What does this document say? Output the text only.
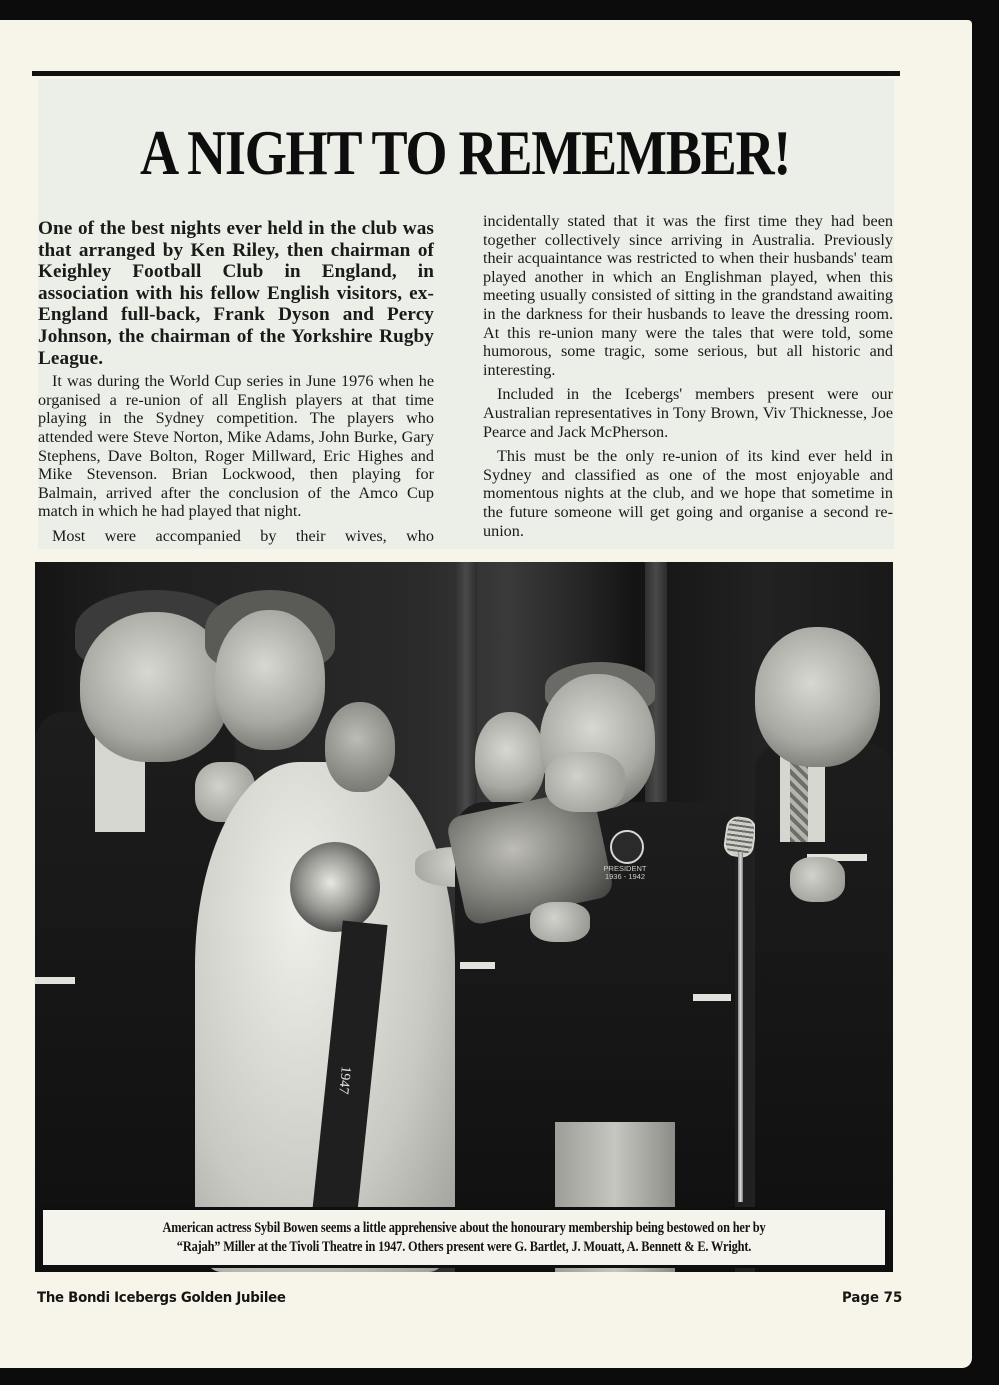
A NIGHT TO REMEMBER!
One of the best nights ever held in the club was that arranged by Ken Riley, then chairman of Keighley Football Club in England, in association with his fellow English visitors, ex-England full-back, Frank Dyson and Percy Johnson, the chairman of the Yorkshire Rugby League.

It was during the World Cup series in June 1976 when he organised a re-union of all English players at that time playing in the Sydney competition. The players who attended were Steve Norton, Mike Adams, John Burke, Gary Stephens, Dave Bolton, Roger Millward, Eric Highes and Mike Stevenson. Brian Lockwood, then playing for Balmain, arrived after the conclusion of the Amco Cup match in which he had played that night.

Most were accompanied by their wives, who

incidentally stated that it was the first time they had been together collectively since arriving in Australia. Previously their acquaintance was restricted to when their husbands' team played another in which an Englishman played, when this meeting usually consisted of sitting in the grandstand awaiting in the darkness for their husbands to leave the dressing room. At this re-union many were the tales that were told, some humorous, some tragic, some serious, but all historic and interesting.

Included in the Icebergs' members present were our Australian representatives in Tony Brown, Viv Thicknesse, Joe Pearce and Jack McPherson.

This must be the only re-union of its kind ever held in Sydney and classified as one of the most enjoyable and momentous nights at the club, and we hope that sometime in the future someone will get going and organise a second re-union.

1947
PRESIDENT
1936 - 1942
American actress Sybil Bowen seems a little apprehensive about the honourary membership being bestowed on her by
“Rajah” Miller at the Tivoli Theatre in 1947. Others present were G. Bartlet, J. Mouatt, A. Bennett & E. Wright.
The Bondi Icebergs Golden Jubilee	Page 75
